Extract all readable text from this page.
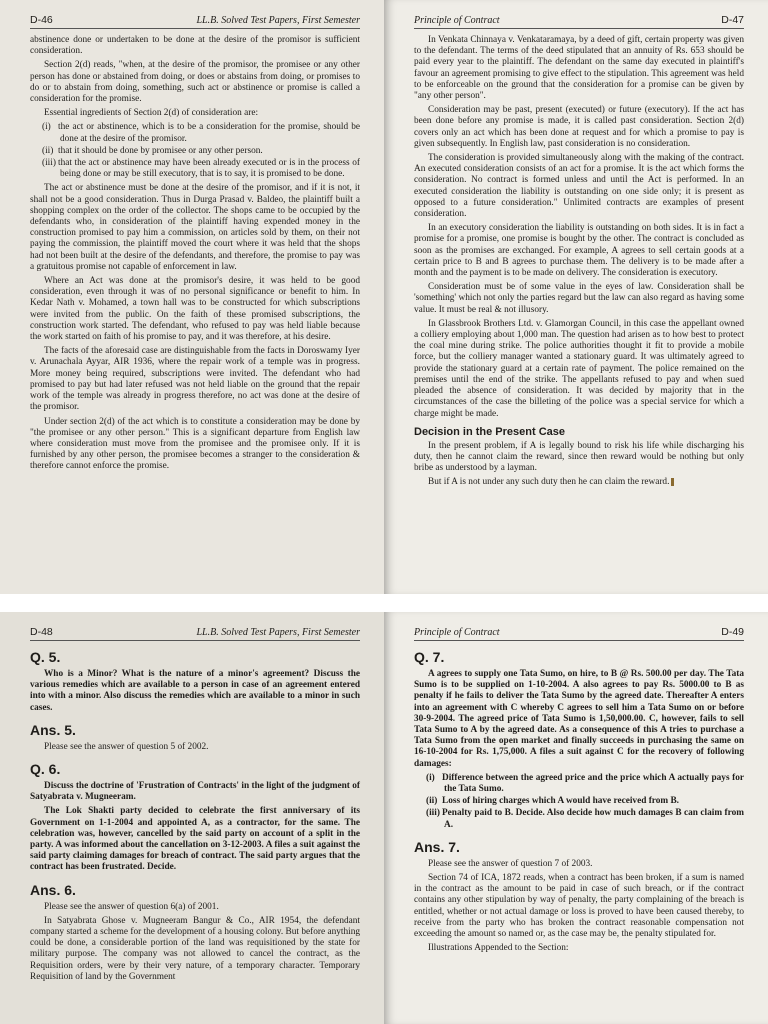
D-46	LL.B. Solved Test Papers, First Semester

abstinence done or undertaken to be done at the desire of the promisor is sufficient consideration.

Section 2(d) reads, "when, at the desire of the promisor, the promisee or any other person has done or abstained from doing, or does or abstains from doing, or promises to do or to abstain from doing, something, such act or abstinence or promise is called a consideration for the promise.

Essential ingredients of Section 2(d) of consideration are:

(i) the act or abstinence, which is to be a consideration for the promise, should be done at the desire of the promisor.
(ii) that it should be done by promisee or any other person.
(iii) that the act or abstinence may have been already executed or is in the process of being done or may be still executory, that is to say, it is promised to be done.

The act or abstinence must be done at the desire of the promisor, and if it is not, it shall not be a good consideration. Thus in Durga Prasad v. Baldeo, the plaintiff built a shopping complex on the order of the collector. The shops came to be occupied by the defendants who, in consideration of the plaintiff having expended money in the construction promised to pay him a commission, on articles sold by them, on their not paying the commission, the plaintiff moved the court where it was held that the shops had not been built at the desire of the defendants, and therefore, the promise to pay was a gratuitous promise not capable of enforcement in law.

Where an Act was done at the promisor's desire, it was held to be good consideration, even through it was of no personal significance or benefit to him. In Kedar Nath v. Mohamed, a town hall was to be constructed for which subscriptions were invited from the public. On the faith of these promised subscriptions, the construction work started. The defendant, who refused to pay was held liable because the work started on faith of his promise to pay, and it was therefore, at his desire.

The facts of the aforesaid case are distinguishable from the facts in Doroswamy Iyer v. Arunachala Ayyar, AIR 1936, where the repair work of a temple was in progress. More money being required, subscriptions were invited. The defendant who had promised to pay but had later refused was not held liable on the ground that the repair work of the temple was already in progress therefore, no act was done at the desire of the promisor.

Under section 2(d) of the act which is to constitute a consideration may be done by "the promisee or any other person." This is a significant departure from English law where consideration must move from the promisee and the promisee only. If it is furnished by any other person, the promisee becomes a stranger to the consideration & therefore cannot enforce the promise.

Principle of Contract	D-47

In Venkata Chinnaya v. Venkataramaya, by a deed of gift, certain property was given to the defendant. The terms of the deed stipulated that an annuity of Rs. 653 should be paid every year to the plaintiff. The defendant on the same day executed in plaintiff's favour an agreement promising to give effect to the stipulation. This agreement was held to be enforceable on the ground that the consideration for a promise can be given by "any other person".

Consideration may be past, present (executed) or future (executory). If the act has been done before any promise is made, it is called past consideration. Section 2(d) covers only an act which has been done at request and for which a promise to pay is given subsequently. In English law, past consideration is no consideration.

The consideration is provided simultaneously along with the making of the contract. An executed consideration consists of an act for a promise. It is the act which forms the consideration. No contract is formed unless and until the Act is performed. In an executed consideration the liability is outstanding on one side only; it is present as opposed to a future consideration." Unlimited contracts are examples of present consideration.

In an executory consideration the liability is outstanding on both sides. It is in fact a promise for a promise, one promise is bought by the other. The contract is concluded as soon as the promises are exchanged. For example, A agrees to sell certain goods at a certain price to B and B agrees to purchase them. The delivery is to be made after a month and the payment is to be made on delivery. The consideration is executory.

Consideration must be of some value in the eyes of law. Consideration shall be 'something' which not only the parties regard but the law can also regard as having some value. It must be real & not illusory.

In Glassbrook Brothers Ltd. v. Glamorgan Council, in this case the appellant owned a colliery employing about 1,000 man. The question had arisen as to how best to protect the coal mine during strike. The police authorities thought it fit to provide a mobile force, but the colliery manager wanted a stationary guard. It was ultimately agreed to provide the stationary guard at a certain rate of payment. The police remained on the premises until the end of the strike. The appellants refused to pay and when sued pleaded the absence of consideration. It was decided by majority that in the circumstances of the case the billeting of the police was a special service for which a charge might be made.

Decision in the Present Case

In the present problem, if A is legally bound to risk his life while discharging his duty, then he cannot claim the reward, since then reward would be nothing but only bribe as understood by a layman.

But if A is not under any such duty then he can claim the reward.

D-48	LL.B. Solved Test Papers, First Semester
Q. 5.

Who is a Minor? What is the nature of a minor's agreement? Discuss the various remedies which are available to a person in case of an agreement entered into with a minor. Also discuss the remedies which are available to a minor in such cases.

Ans. 5.

Please see the answer of question 5 of 2002.

Q. 6.

Discuss the doctrine of 'Frustration of Contracts' in the light of the judgment of Satyabrata v. Mugneeram.

The Lok Shakti party decided to celebrate the first anniversary of its Government on 1-1-2004 and appointed A, as a contractor, for the same. The celebration was, however, cancelled by the said party on account of a split in the party. A was informed about the cancellation on 3-12-2003. A files a suit against the said party claiming damages for breach of contract. The said party argues that the contract has been frustrated. Decide.

Ans. 6.

Please see the answer of question 6(a) of 2001.

In Satyabrata Ghose v. Mugneeram Bangur & Co., AIR 1954, the defendant company started a scheme for the development of a housing colony. But before anything could be done, a considerable portion of the land was requisitioned by the state for military purpose. The company was not allowed to cancel the contract, as the Requisition orders, were by their very nature, of a temporary character. Temporary Requisition of land by the Government

Principle of Contract	D-49
Q. 7.

A agrees to supply one Tata Sumo, on hire, to B @ Rs. 500.00 per day. The Tata Sumo is to be supplied on 1-10-2004. A also agrees to pay Rs. 5000.00 to B as penalty if he fails to deliver the Tata Sumo by the agreed date. Thereafter A enters into an agreement with C whereby C agrees to sell him a Tata Sumo on or before 30-9-2004. The agreed price of Tata Sumo is 1,50,000.00. C, however, fails to sell Tata Sumo to A by the agreed date. As a consequence of this A tries to purchase a Tata Sumo from the open market and finally succeeds in purchasing the same on 16-10-2004 for Rs. 1,75,000. A files a suit against C for the recovery of following damages:

(i) Difference between the agreed price and the price which A actually pays for the Tata Sumo.
(ii) Loss of hiring charges which A would have received from B.
(iii) Penalty paid to B. Decide. Also decide how much damages B can claim from A.
Ans. 7.

Please see the answer of question 7 of 2003.

Section 74 of ICA, 1872 reads, when a contract has been broken, if a sum is named in the contract as the amount to be paid in case of such breach, or if the contract contains any other stipulation by way of penalty, the party complaining of the breach is entitled, whether or not actual damage or loss is proved to have been caused thereby, to receive from the party who has broken the contract reasonable compensation not exceeding the amount so named or, as the case may be, the penalty stipulated for.

Illustrations Appended to the Section:
